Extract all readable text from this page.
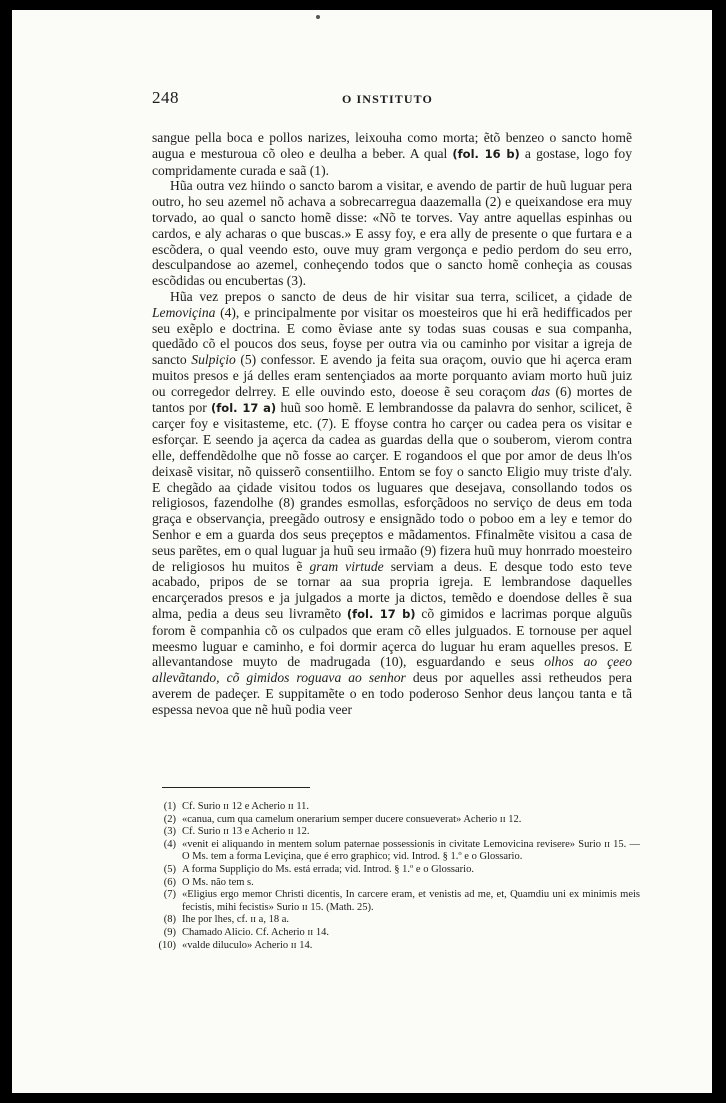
248	O INSTITUTO

sangue pella boca e pollos narizes, leixouha como morta; ẽtõ benzeo o sancto homẽ augua e mesturoua cõ oleo e deulha a beber. A qual (fol. 16 b) a gostase, logo foy compridamente curada e saã (1).

Hũa outra vez hiindo o sancto barom a visitar, e avendo de partir de huũ luguar pera outro, ho seu azemel nõ achava a sobrecarregua daazemalla (2) e queixandose era muy torvado, ao qual o sancto homẽ disse: «Nõ te torves. Vay antre aquellas espinhas ou cardos, e aly acharas o que buscas.» E assy foy, e era ally de presente o que furtara e a escõdera, o qual veendo esto, ouve muy gram vergonça e pedio perdom do seu erro, desculpandose ao azemel, conheçendo todos que o sancto homẽ conheçia as cousas escõdidas ou encubertas (3).

Hũa vez prepos o sancto de deus de hir visitar sua terra, scilicet, a çidade de Lemoviçina (4), e principalmente por visitar os moesteiros que hi erã hedifficados per seu exẽplo e doctrina. E como ẽviase ante sy todas suas cousas e sua companha, quedãdo cõ el poucos dos seus, foyse per outra via ou caminho por visitar a igreja de sancto Sulpiçio (5) confessor. E avendo ja feita sua oraçom, ouvio que hi açerca eram muitos presos e já delles eram sentençiados aa morte porquanto aviam morto huũ juiz ou corregedor delrrey. E elle ouvindo esto, doeose ẽ seu coraçom das (6) mortes de tantos por (fol. 17 a) huũ soo homẽ. E lembrandosse da palavra do senhor, scilicet, ẽ carçer foy e visitasteme, etc. (7). E ffoyse contra ho carçer ou cadea pera os visitar e esforçar. E seendo ja açerca da cadea as guardas della que o souberom, vierom contra elle, deffendẽdolhe que nõ fosse ao carçer. E rogandoos el que por amor de deus lh'os deixasẽ visitar, nõ quisserõ consentiilho. Entom se foy o sancto Eligio muy triste d'aly. E chegãdo aa çidade visitou todos os luguares que desejava, consollando todos os religiosos, fazendolhe (8) grandes esmollas, esforçãdoos no serviço de deus em toda graça e observançia, preegãdo outrosy e ensignãdo todo o poboo em a ley e temor do Senhor e em a guarda dos seus preçeptos e mãdamentos. Ffinalmẽte visitou a casa de seus parẽtes, em o qual luguar ja huũ seu irmaão (9) fizera huũ muy honrrado moesteiro de religiosos hu muitos ẽ gram virtude serviam a deus. E desque todo esto teve acabado, pripos de se tornar aa sua propria igreja. E lembrandose daquelles encarçerados presos e ja julgados a morte ja dictos, temẽdo e doendose delles ẽ sua alma, pedia a deus seu livramẽto (fol. 17 b) cõ gimidos e lacrimas porque alguũs forom ẽ companhia cõ os culpados que eram cõ elles julguados. E tornouse per aquel meesmo luguar e caminho, e foi dormir açerca do luguar hu eram aquelles presos. E allevantandose muyto de madrugada (10), esguardando e seus olhos ao çeeo allevãtando, cõ gimidos roguava ao senhor deus por aquelles assi retheudos pera averem de padeçer. E suppitamẽte o en todo poderoso Senhor deus lançou tanta e tã espessa nevoa que nẽ huũ podia veer

(1) Cf. Surio ɪɪ 12 e Acherio ɪɪ 11.

(2) «canua, cum qua camelum onerarium semper ducere consueverat» Acherio ɪɪ 12.

(3) Cf. Surio ɪɪ 13 e Acherio ɪɪ 12.

(4) «venit ei aliquando in mentem solum paternae possessionis in civitate Lemovicina revisere» Surio ɪɪ 15. — O Ms. tem a forma Leviçina, que é erro graphico; vid. Introd. § 1.º e o Glossario.

(5) A forma Suppliçio do Ms. está errada; vid. Introd. § 1.º e o Glossario.

(6) O Ms. não tem s.

(7) «Eligius ergo memor Christi dicentis, In carcere eram, et venistis ad me, et, Quamdiu uni ex minimis meis fecistis, mihi fecistis» Surio ɪɪ 15. (Math. 25).

(8) Ihe por lhes, cf. ɪɪ a, 18 a.

(9) Chamado Alicio. Cf. Acherio ɪɪ 14.

(10) «valde diluculo» Acherio ɪɪ 14.
